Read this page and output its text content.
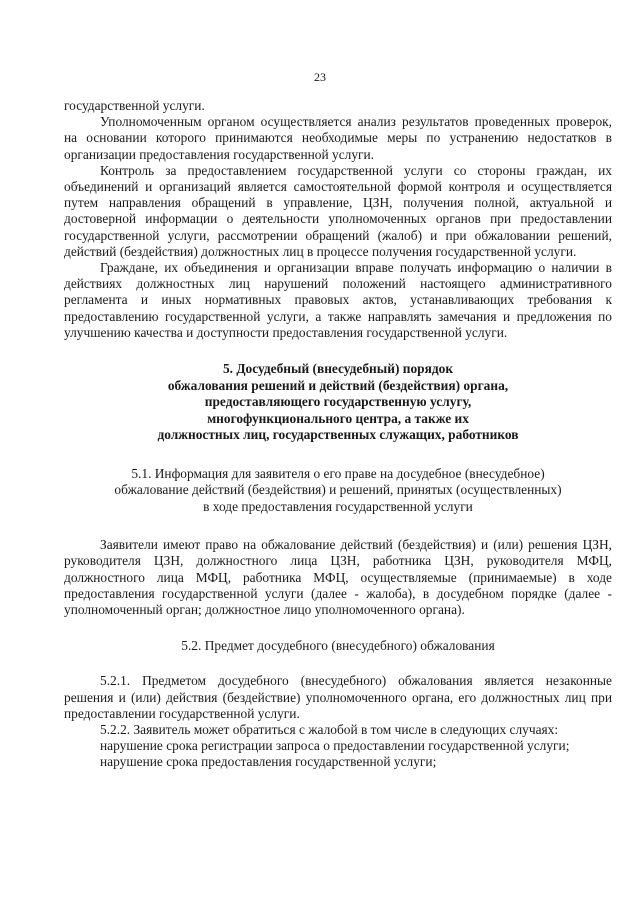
23

государственной услуги.

Уполномоченным органом осуществляется анализ результатов проведенных проверок, на основании которого принимаются необходимые меры по устранению недостатков в организации предоставления государственной услуги.

Контроль за предоставлением государственной услуги со стороны граждан, их объединений и организаций является самостоятельной формой контроля и осуществляется путем направления обращений в управление, ЦЗН, получения полной, актуальной и достоверной информации о деятельности уполномоченных органов при предоставлении государственной услуги, рассмотрении обращений (жалоб) и при обжаловании решений, действий (бездействия) должностных лиц в процессе получения государственной услуги.

Граждане, их объединения и организации вправе получать информацию о наличии в действиях должностных лиц нарушений положений настоящего административного регламента и иных нормативных правовых актов, устанавливающих требования к предоставлению государственной услуги, а также направлять замечания и предложения по улучшению качества и доступности предоставления государственной услуги.

5. Досудебный (внесудебный) порядок
обжалования решений и действий (бездействия) органа,
предоставляющего государственную услугу,
многофункционального центра, а также их
должностных лиц, государственных служащих, работников
5.1. Информация для заявителя о его праве на досудебное (внесудебное)
обжалование действий (бездействия) и решений, принятых (осуществленных)
в ходе предоставления государственной услуги

Заявители имеют право на обжалование действий (бездействия) и (или) решения ЦЗН, руководителя ЦЗН, должностного лица ЦЗН, работника ЦЗН, руководителя МФЦ, должностного лица МФЦ, работника МФЦ, осуществляемые (принимаемые) в ходе предоставления государственной услуги (далее - жалоба), в досудебном порядке (далее - уполномоченный орган; должностное лицо уполномоченного органа).

5.2. Предмет досудебного (внесудебного) обжалования

5.2.1. Предметом досудебного (внесудебного) обжалования является незаконные решения и (или) действия (бездействие) уполномоченного органа, его должностных лиц при предоставлении государственной услуги.

5.2.2. Заявитель может обратиться с жалобой в том числе в следующих случаях:

нарушение срока регистрации запроса о предоставлении государственной услуги;

нарушение срока предоставления государственной услуги;
